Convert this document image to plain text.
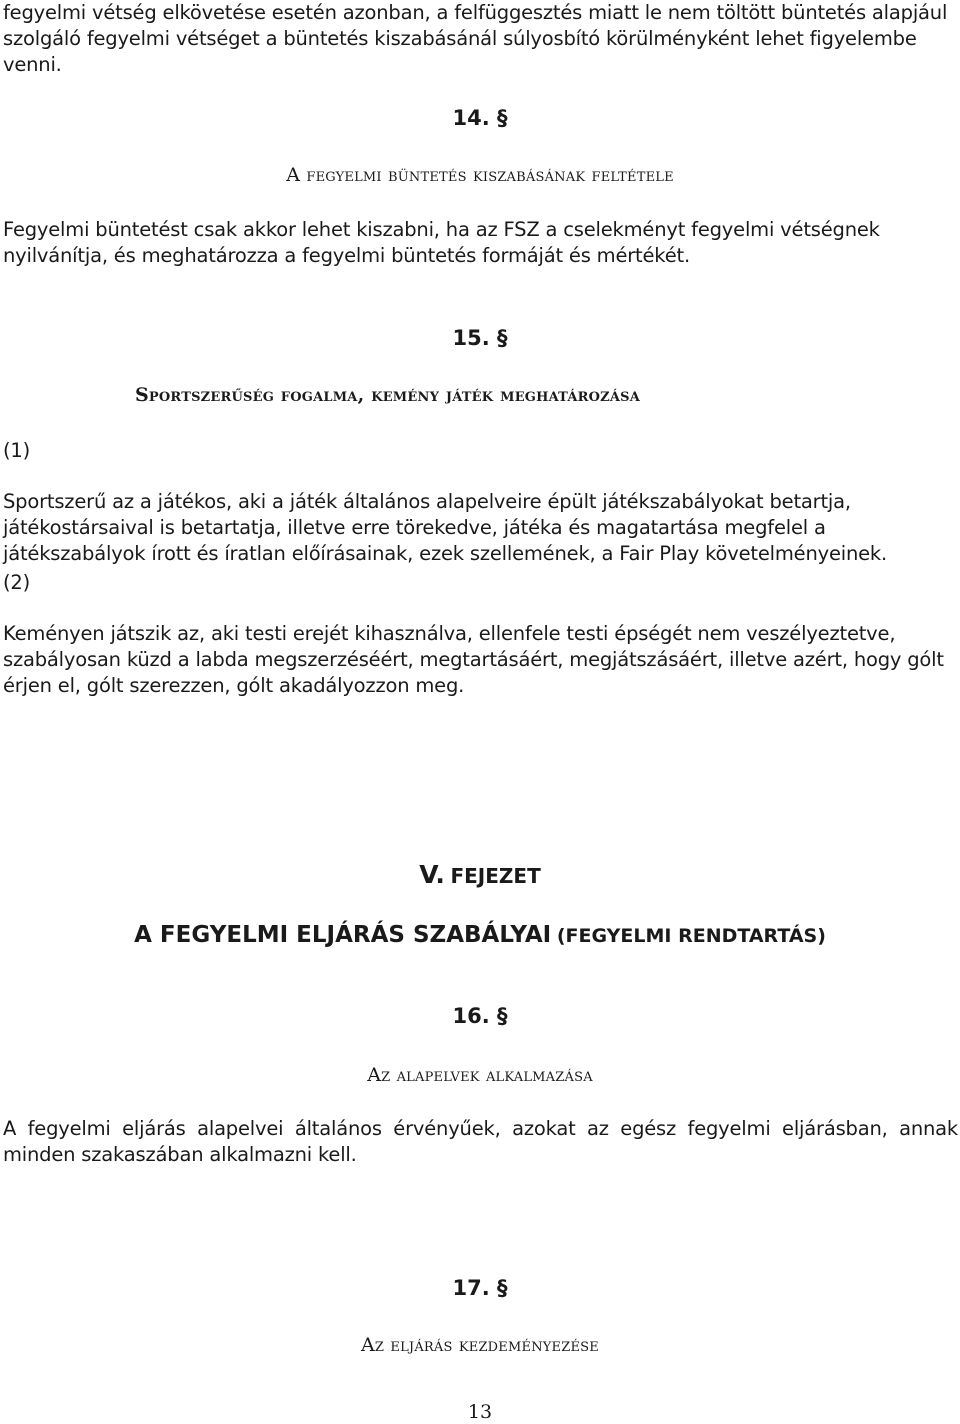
fegyelmi vétség elkövetése esetén azonban, a felfüggesztés miatt le nem töltött büntetés alapjául szolgáló fegyelmi vétséget a büntetés kiszabásánál súlyosbító körülményként lehet figyelembe venni.

14. §
A fegyelmi büntetés kiszabásának feltétele

Fegyelmi büntetést csak akkor lehet kiszabni, ha az FSZ a cselekményt fegyelmi vétségnek nyilvánítja, és meghatározza a fegyelmi büntetés formáját és mértékét.

15. §
Sportszerűség fogalma, kemény játék meghatározása
(1)

Sportszerű az a játékos, aki a játék általános alapelveire épült játékszabályokat betartja, játékostársaival is betartatja, illetve erre törekedve, játéka és magatartása megfelel a játékszabályok írott és íratlan előírásainak, ezek szellemének, a Fair Play követelményeinek.

(2)

Keményen játszik az, aki testi erejét kihasználva, ellenfele testi épségét nem veszélyeztetve, szabályosan küzd a labda megszerzéséért, megtartásáért, megjátszásáért, illetve azért, hogy gólt érjen el, gólt szerezzen, gólt akadályozzon meg.

V. FEJEZET
A FEGYELMI ELJÁRÁS SZABÁLYAI (FEGYELMI RENDTARTÁS)
16. §
Az alapelvek alkalmazása

A fegyelmi eljárás alapelvei általános érvényűek, azokat az egész fegyelmi eljárásban, annak minden szakaszában alkalmazni kell.

17. §
Az eljárás kezdeményezése
13
